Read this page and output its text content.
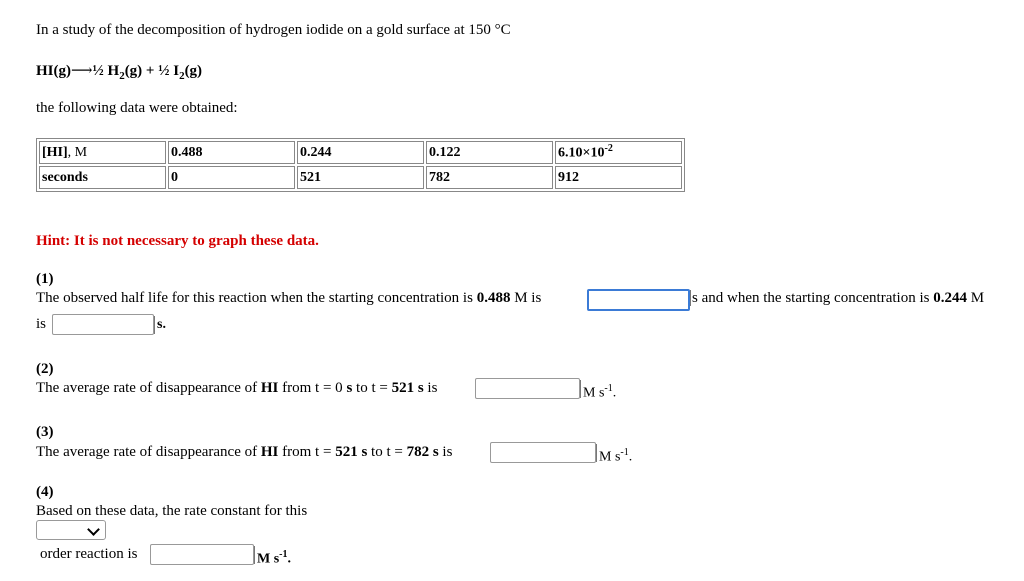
In a study of the decomposition of hydrogen iodide on a gold surface at 150 °C
HI(g)⟶½ $H_2(g)$ + ½ $I_2(g)$
the following data were obtained:
[HI], M	0.488	0.244	0.122	$6.10\times 10^{-2}$
seconds	0	521	782	912
Hint: It is not necessary to graph these data.
(1)
The observed half life for this reaction when the starting concentration is 0.488 M is	s and when the starting concentration is 0.244 M
is	s.
(2)
The average rate of disappearance of HI from t = 0 s to t = 521 s is	M $s^{-1}$.
(3)
The average rate of disappearance of HI from t = 521 s to t = 782 s is	M $s^{-1}$.
(4)
Based on these data, the rate constant for this
order reaction is	M $s^{-1}$.
